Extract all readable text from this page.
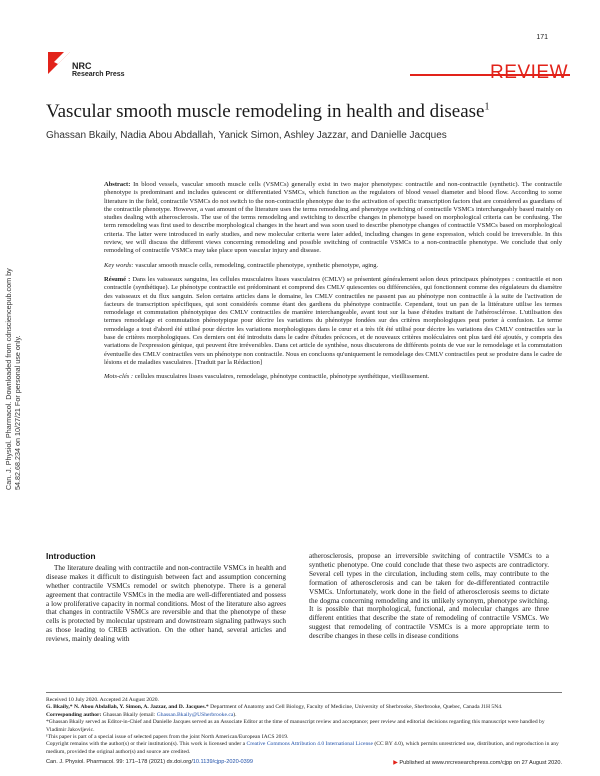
171
NRC
Research Press	REVIEW
Vascular smooth muscle remodeling in health and disease$^1$
Ghassan Bkaily, Nadia Abou Abdallah, Yanick Simon, Ashley Jazzar, and Danielle Jacques
Can. J. Physiol. Pharmacol. Downloaded from cdnsciencepub.com by 54.82.68.234 on 10/27/21 For personal use only.

Abstract: In blood vessels, vascular smooth muscle cells (VSMCs) generally exist in two major phenotypes: contractile and non-contractile (synthetic). The contractile phenotype is predominant and includes quiescent or differentiated VSMCs, which function as the regulators of blood vessel diameter and blood flow. According to some literature in the field, contractile VSMCs do not switch to the non-contractile phenotype due to the activation of specific transcription factors that are considered as guardians of the contractile phenotype. However, a vast amount of the literature uses the terms remodeling and phenotype switching of contractile VSMCs interchangeably based mainly on studies dealing with atherosclerosis. The use of the terms remodeling and switching to describe changes in phenotype based on morphological criteria can be confusing. The term remodeling was first used to describe morphological changes in the heart and was soon used to describe phenotype changes of contractile VSMCs based on morphological criteria. The latter were introduced in early studies, and new molecular criteria were later added, including changes in gene expression, which could be irreversible. In this review, we will discuss the different views concerning remodeling and possible switching of contractile VSMCs to a non-contractile phenotype. We conclude that only remodeling of contractile VSMCs may take place upon vascular injury and disease.

Key words: vascular smooth muscle cells, remodeling, contractile phenotype, synthetic phenotype, aging.

Résumé : Dans les vaisseaux sanguins, les cellules musculaires lisses vasculaires (CMLV) se présentent généralement selon deux principaux phénotypes : contractile et non contractile (synthétique). Le phénotype contractile est prédominant et comprend des CMLV quiescentes ou différenciées, qui fonctionnent comme des régulateurs du diamètre des vaisseaux et du flux sanguin. Selon certains articles dans le domaine, les CMLV contractiles ne passent pas au phénotype non contractile à la suite de l'activation de facteurs de transcription spécifiques, qui sont considérés comme étant des gardiens du phénotype contractile. Cependant, tout un pan de la littérature utilise les termes remodelage et commutation phénotypique des CMLV contractiles de manière interchangeable, avant tout sur la base d'études traitant de l'athérosclérose. L'utilisation des termes remodelage et commutation phénotypique pour décrire les variations du phénotype fondées sur des critères morphologiques peut porter à confusion. Le terme remodelage a tout d'abord été utilisé pour décrire les variations morphologiques dans le cœur et a très tôt été utilisé pour décrire les variations des CMLV contractiles sur la base de critères morphologiques. Ces derniers ont été introduits dans le cadre d'études précoces, et de nouveaux critères moléculaires ont plus tard été ajoutés, y compris des variations de l'expression génique, qui peuvent être irréversibles. Dans cet article de synthèse, nous discuterons de différents points de vue sur le remodelage et la commutation éventuelle des CMLV contractiles vers un phénotype non contractile. Nous en concluons qu'uniquement le remodelage des CMLV contractiles peut se produire dans le cadre de lésions et de maladies vasculaires. [Traduit par la Rédaction]

Mots-clés : cellules musculaires lisses vasculaires, remodelage, phénotype contractile, phénotype synthétique, vieillissement.

Introduction

The literature dealing with contractile and non-contractile VSMCs in health and disease makes it difficult to distinguish between fact and assumption concerning whether contractile VSMCs remodel or switch phenotype. There is a general agreement that contractile VSMCs in the media are well-differentiated and possess a low proliferative capacity in normal conditions. Most of the literature also agrees that changes in contractile VSMCs are reversible and that the phenotype of these cells is protected by molecular upstream and downstream signaling pathways such as those leading to CREB activation. On the other hand, several articles and reviews, mainly dealing with

atherosclerosis, propose an irreversible switching of contractile VSMCs to a synthetic phenotype. One could conclude that these two aspects are contradictory. Several cell types in the circulation, including stem cells, may contribute to the formation of atherosclerosis and can be taken for de-differentiated contractile VSMCs. Unfortunately, work done in the field of atherosclerosis seems to dictate the dogma concerning remodeling and its unlikely synonym, phenotype switching. It is possible that morphological, functional, and molecular changes are three different entities that describe the state of remodeling of contractile VSMCs. We suggest that remodeling of contractile VSMCs is a more appropriate term to describe changes in these cells in disease conditions

Received 10 July 2020. Accepted 24 August 2020.
G. Bkaily,* N. Abou Abdallah, Y. Simon, A. Jazzar, and D. Jacques.* Department of Anatomy and Cell Biology, Faculty of Medicine, University of Sherbrooke, Sherbrooke, Quebec, Canada J1H 5N4.
Corresponding author: Ghassan Bkaily (email: Ghassan.Bkaily@USherbrooke.ca).
*Ghassan Bkaily served as Editor-in-Chief and Danielle Jacques served as an Associate Editor at the time of manuscript review and acceptance; peer review and editorial decisions regarding this manuscript were handled by Vladimir Jakovljevic.
¹This paper is part of a special issue of selected papers from the joint North American/European IACS 2019.
Copyright remains with the author(s) or their institution(s). This work is licensed under a Creative Commons Attribution 4.0 International License (CC BY 4.0), which permits unrestricted use, distribution, and reproduction in any medium, provided the original author(s) and source are credited.
Can. J. Physiol. Pharmacol. 99: 171–178 (2021) dx.doi.org/10.1139/cjpp-2020-0399	▶ Published at www.nrcresearchpress.com/cjpp on 27 August 2020.
